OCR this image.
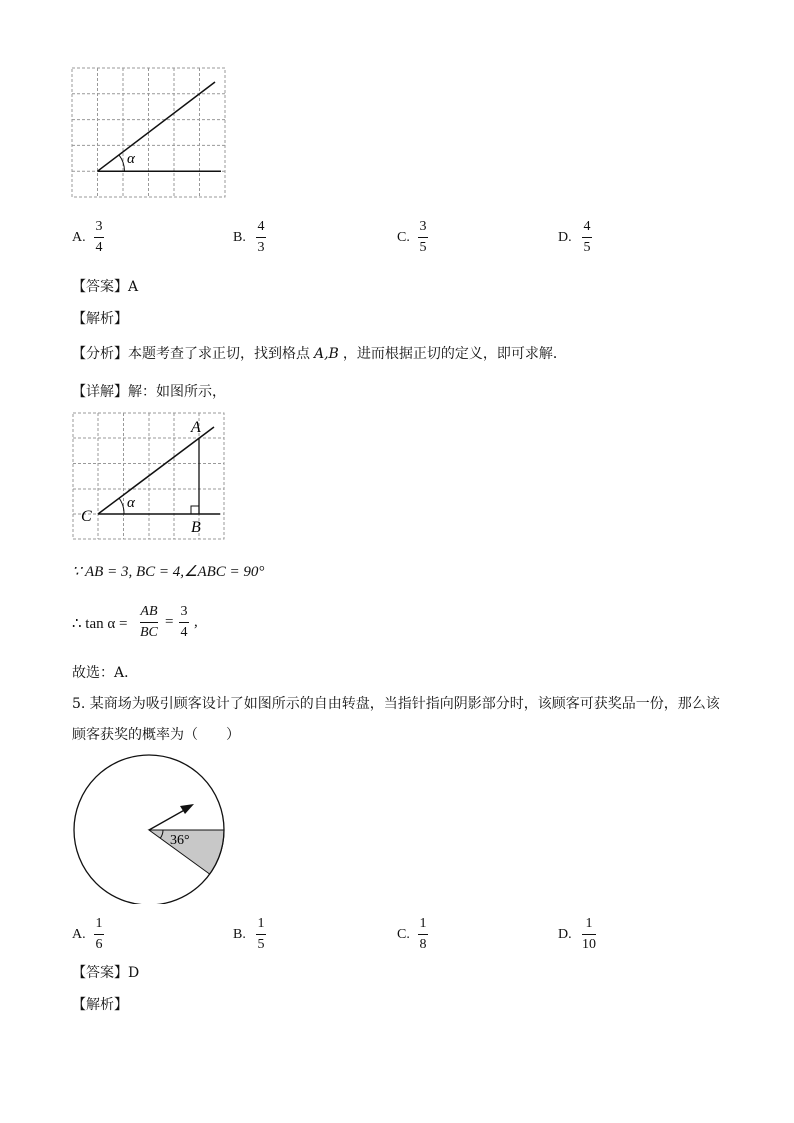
α
A.
3
4
B.
4
3
C.
3
5
D.
4
5
【答案】A
【解析】
【分析】本题考查了求正切，找到格点 A,B ，进而根据正切的定义，即可求解．
【详解】解：如图所示，
A
B
C
α
∵ AB = 3, BC = 4,∠ABC = 90°
∴ tan α =
AB
BC
=
3
4
,
故选：A．
5. 某商场为吸引顾客设计了如图所示的自由转盘，当指针指向阴影部分时，该顾客可获奖品一份，那么该
顾客获奖的概率为（　　）
36°
A.
1
6
B.
1
5
C.
1
8
D.
1
10
【答案】D
【解析】
